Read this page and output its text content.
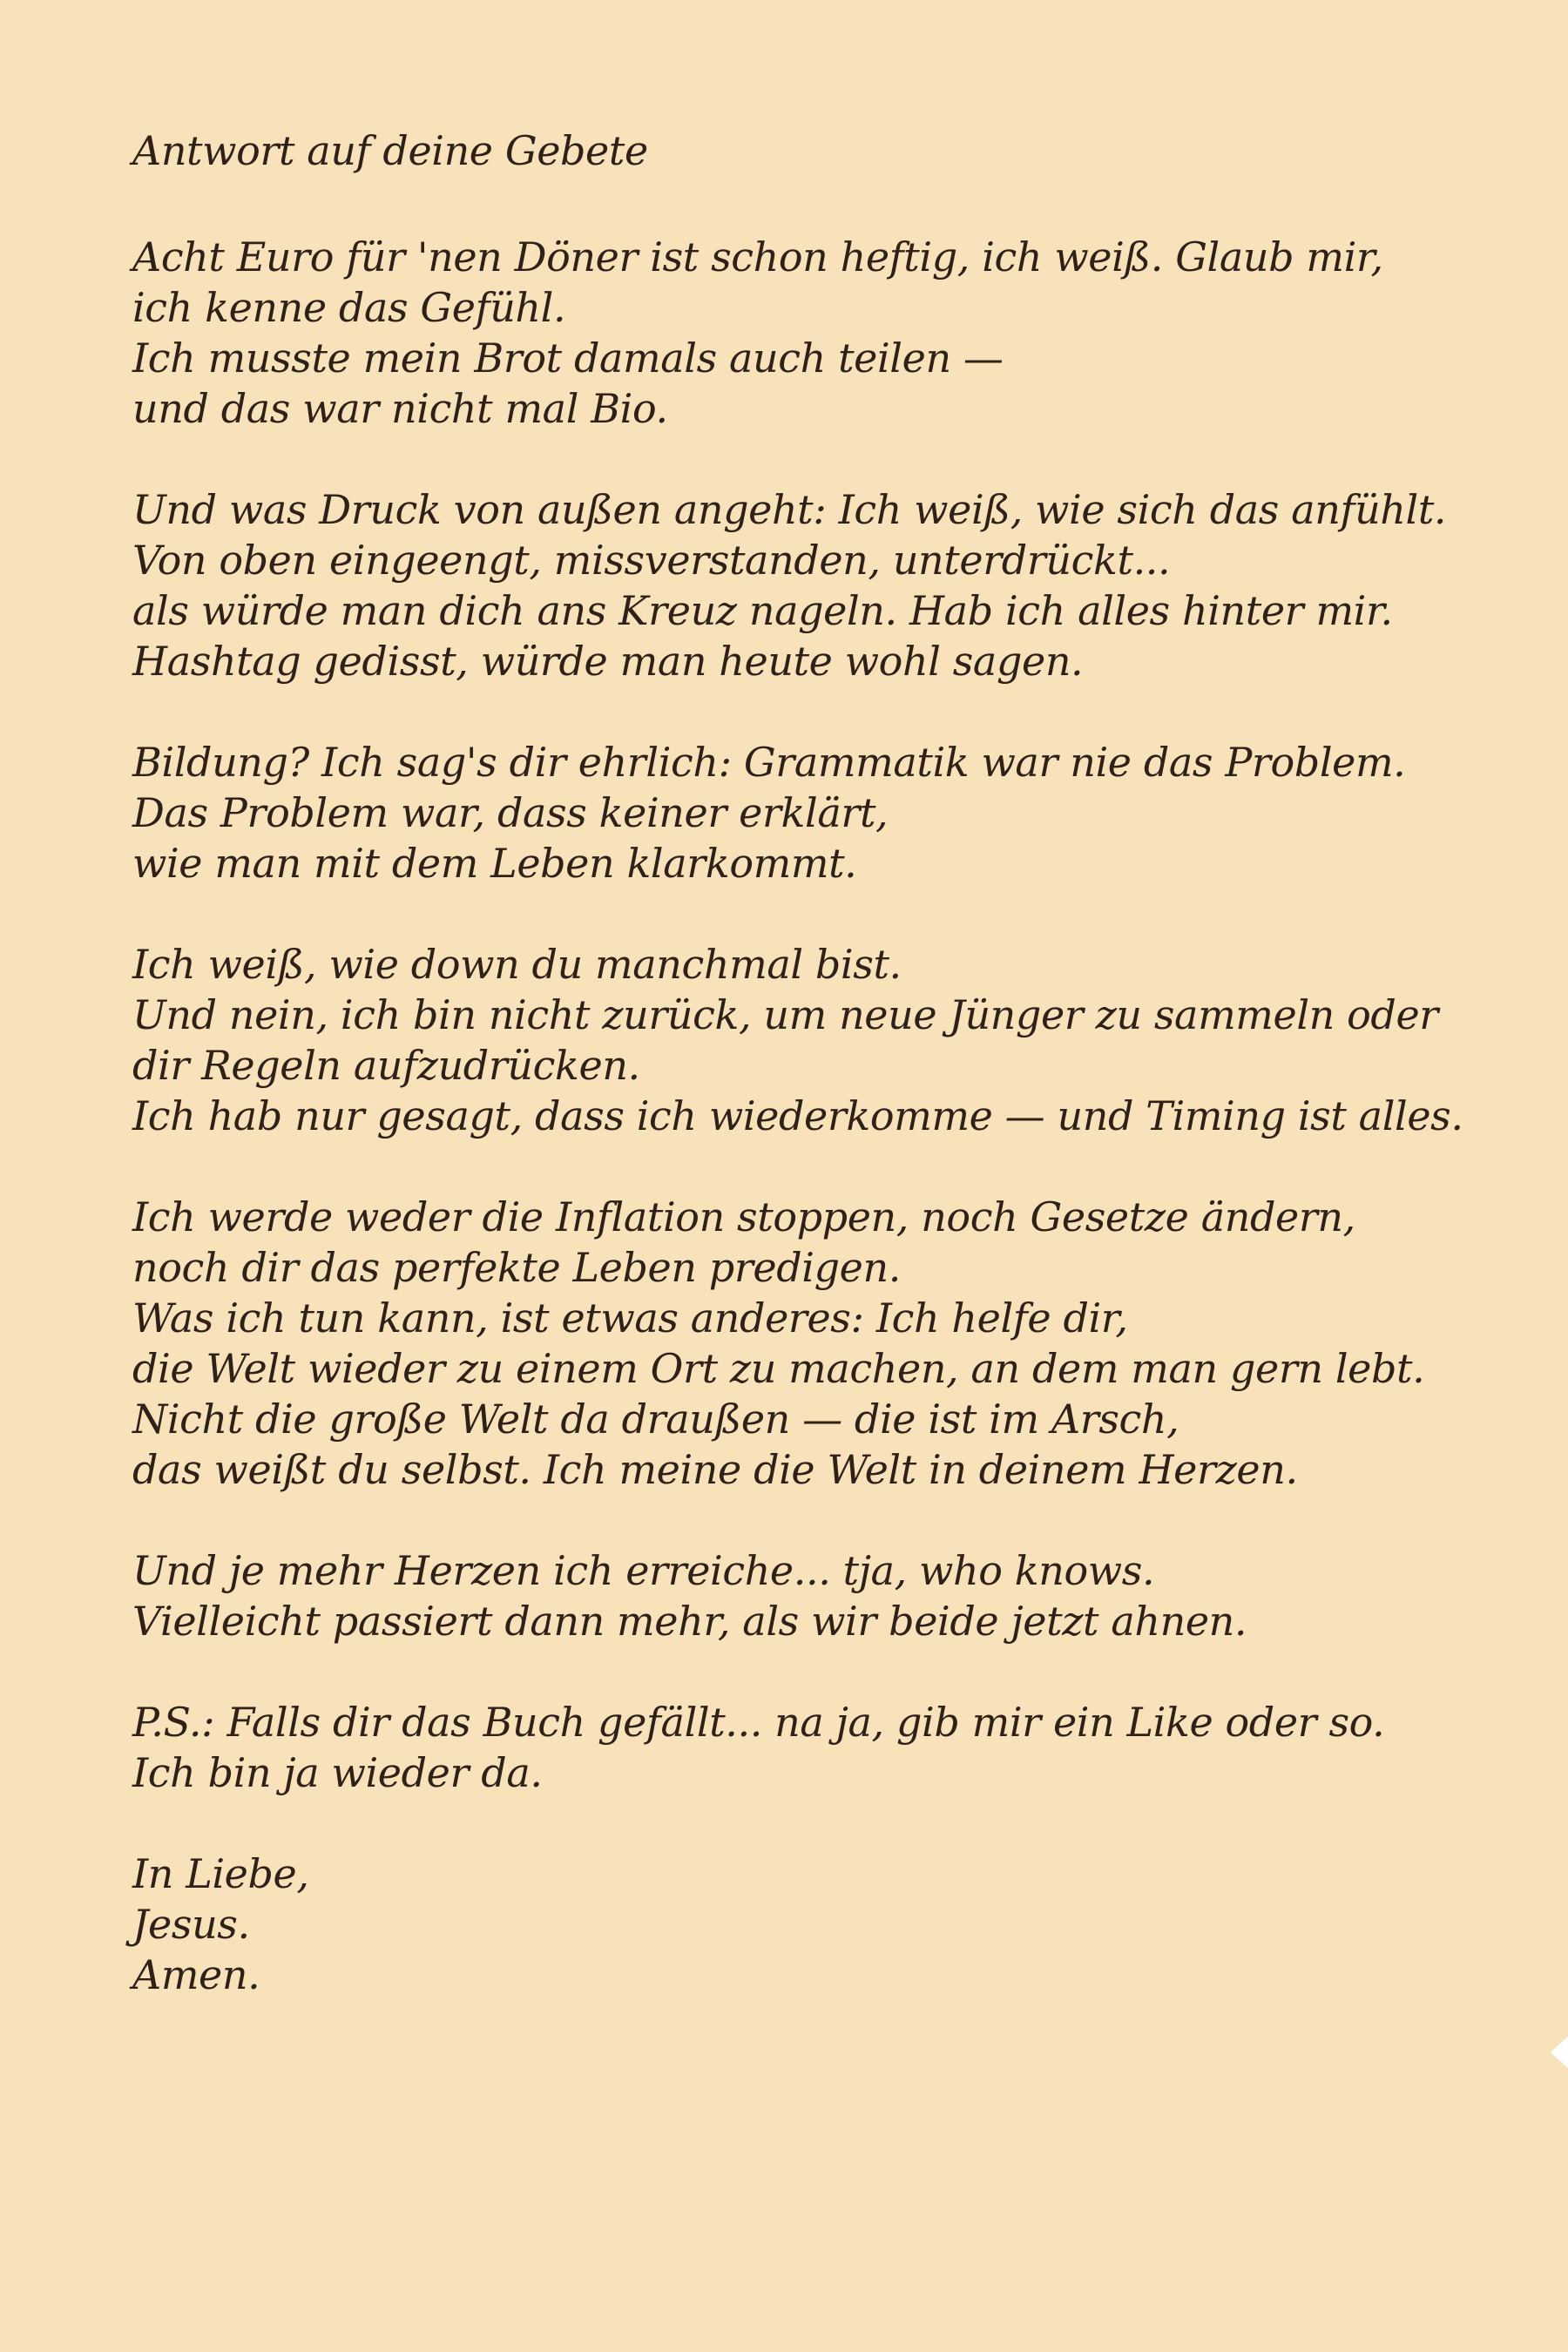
Antwort auf deine Gebete
Acht Euro für 'nen Döner ist schon heftig, ich weiß. Glaub mir,
ich kenne das Gefühl.
Ich musste mein Brot damals auch teilen —
und das war nicht mal Bio.
Und was Druck von außen angeht: Ich weiß, wie sich das anfühlt.
Von oben eingeengt, missverstanden, unterdrückt...
als würde man dich ans Kreuz nageln. Hab ich alles hinter mir.
Hashtag gedisst, würde man heute wohl sagen.
Bildung? Ich sag's dir ehrlich: Grammatik war nie das Problem.
Das Problem war, dass keiner erklärt,
wie man mit dem Leben klarkommt.
Ich weiß, wie down du manchmal bist.
Und nein, ich bin nicht zurück, um neue Jünger zu sammeln oder
dir Regeln aufzudrücken.
Ich hab nur gesagt, dass ich wiederkomme — und Timing ist alles.
Ich werde weder die Inflation stoppen, noch Gesetze ändern,
noch dir das perfekte Leben predigen.
Was ich tun kann, ist etwas anderes: Ich helfe dir,
die Welt wieder zu einem Ort zu machen, an dem man gern lebt.
Nicht die große Welt da draußen — die ist im Arsch,
das weißt du selbst. Ich meine die Welt in deinem Herzen.
Und je mehr Herzen ich erreiche... tja, who knows.
Vielleicht passiert dann mehr, als wir beide jetzt ahnen.
P.S.: Falls dir das Buch gefällt... na ja, gib mir ein Like oder so.
Ich bin ja wieder da.
In Liebe,
Jesus.
Amen.
